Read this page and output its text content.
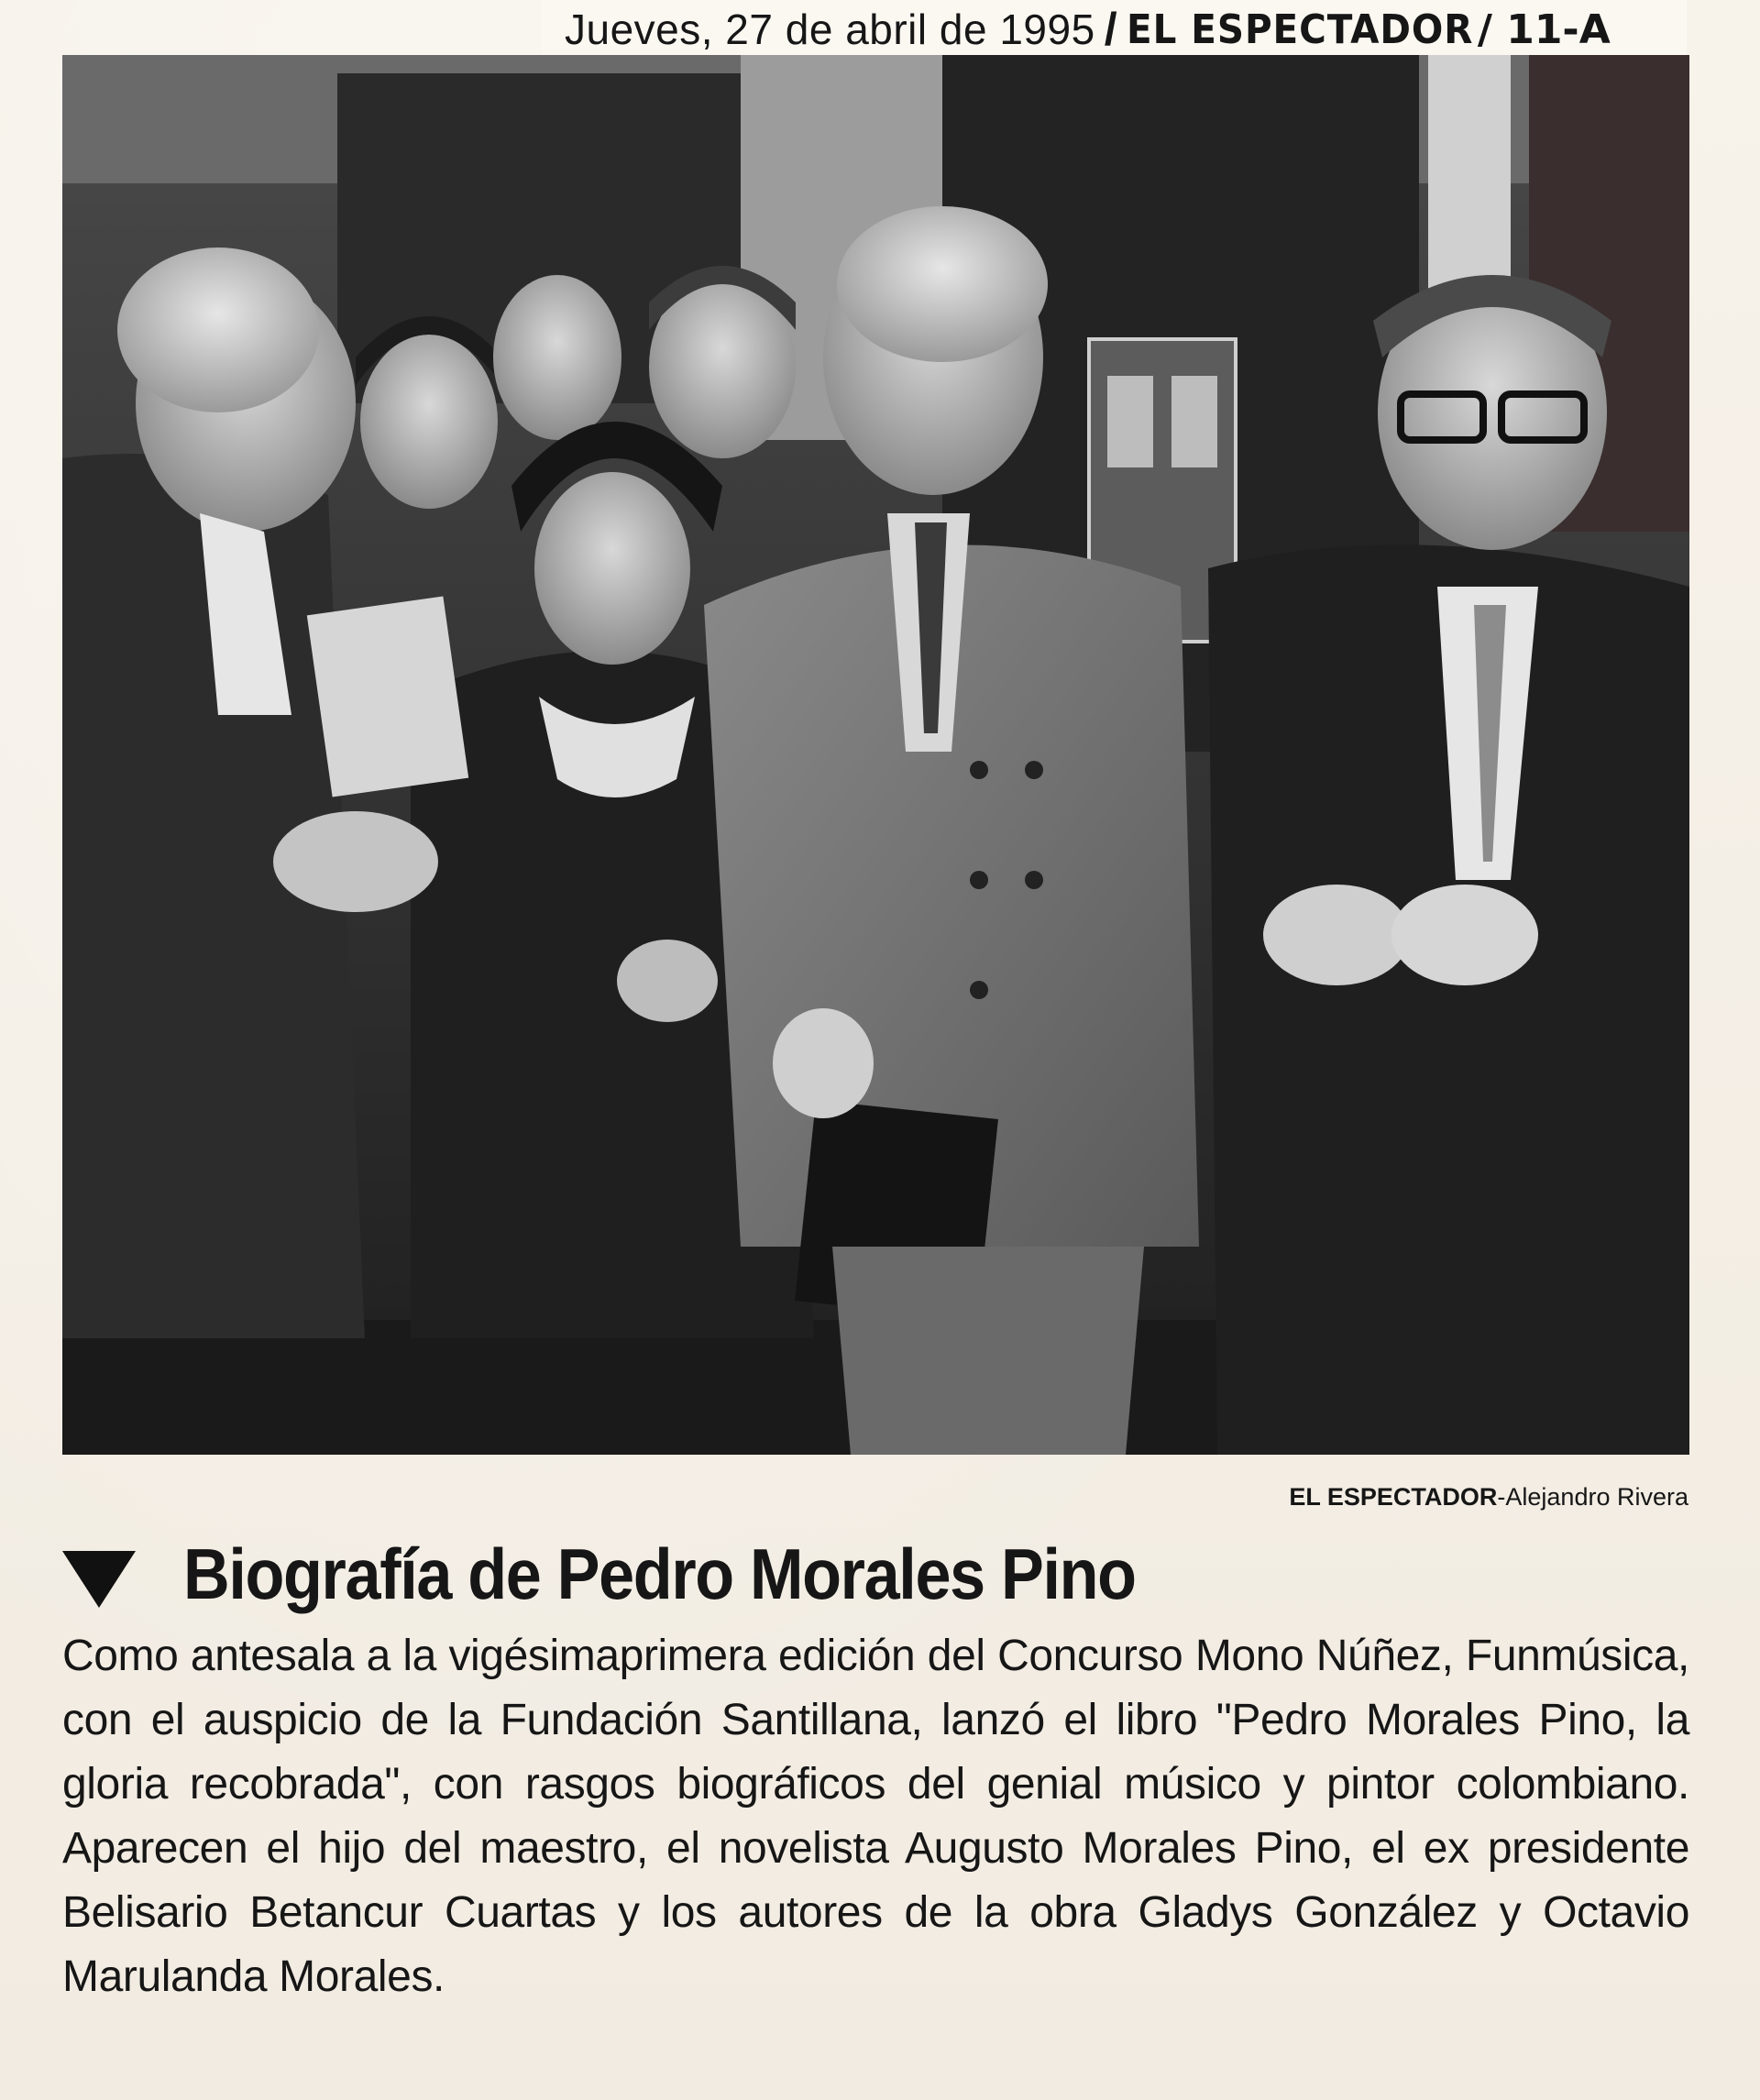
Jueves, 27 de abril de 1995 / EL ESPECTADOR / 11-A
EL ESPECTADOR-Alejandro Rivera
Biografía de Pedro Morales Pino

Como antesala a la vigésimaprimera edición del Concurso Mono Núñez, Funmúsica, con el auspicio de la Fundación Santillana, lanzó el libro "Pedro Morales Pino, la gloria recobrada", con rasgos biográficos del genial músico y pintor colombiano. Aparecen el hijo del maestro, el novelista Augusto Morales Pino, el ex presidente Belisario Betancur Cuartas y los autores de la obra Gladys González y Octavio Marulanda Morales.
